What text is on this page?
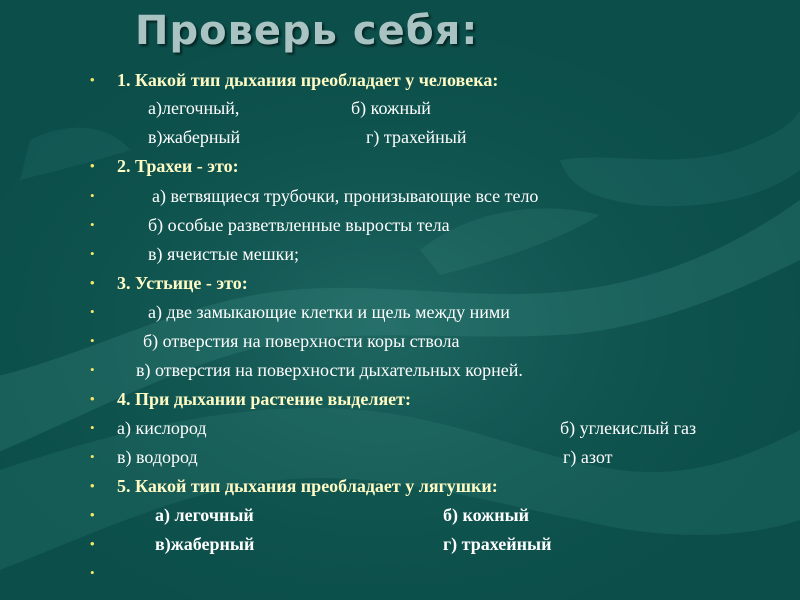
Проверь себя:
• 1. Какой тип дыхания преобладает у человека:
а)легочный,	б) кожный
в)жаберный	г) трахейный
• 2. Трахеи - это:
•	а) ветвящиеся трубочки, пронизывающие все тело
•	б) особые разветвленные выросты тела
•	в) ячеистые мешки;
• 3. Устьице - это:
•	а) две замыкающие клетки и щель между ними
•	б) отверстия на поверхности коры ствола
• в) отверстия на поверхности дыхательных корней.
• 4. При дыхании растение выделяет:
• а) кислород	б) углекислый газ
• в) водород	г) азот
• 5. Какой тип дыхания преобладает у лягушки:
•	а) легочный	б) кожный
•	в)жаберный	г) трахейный
•
